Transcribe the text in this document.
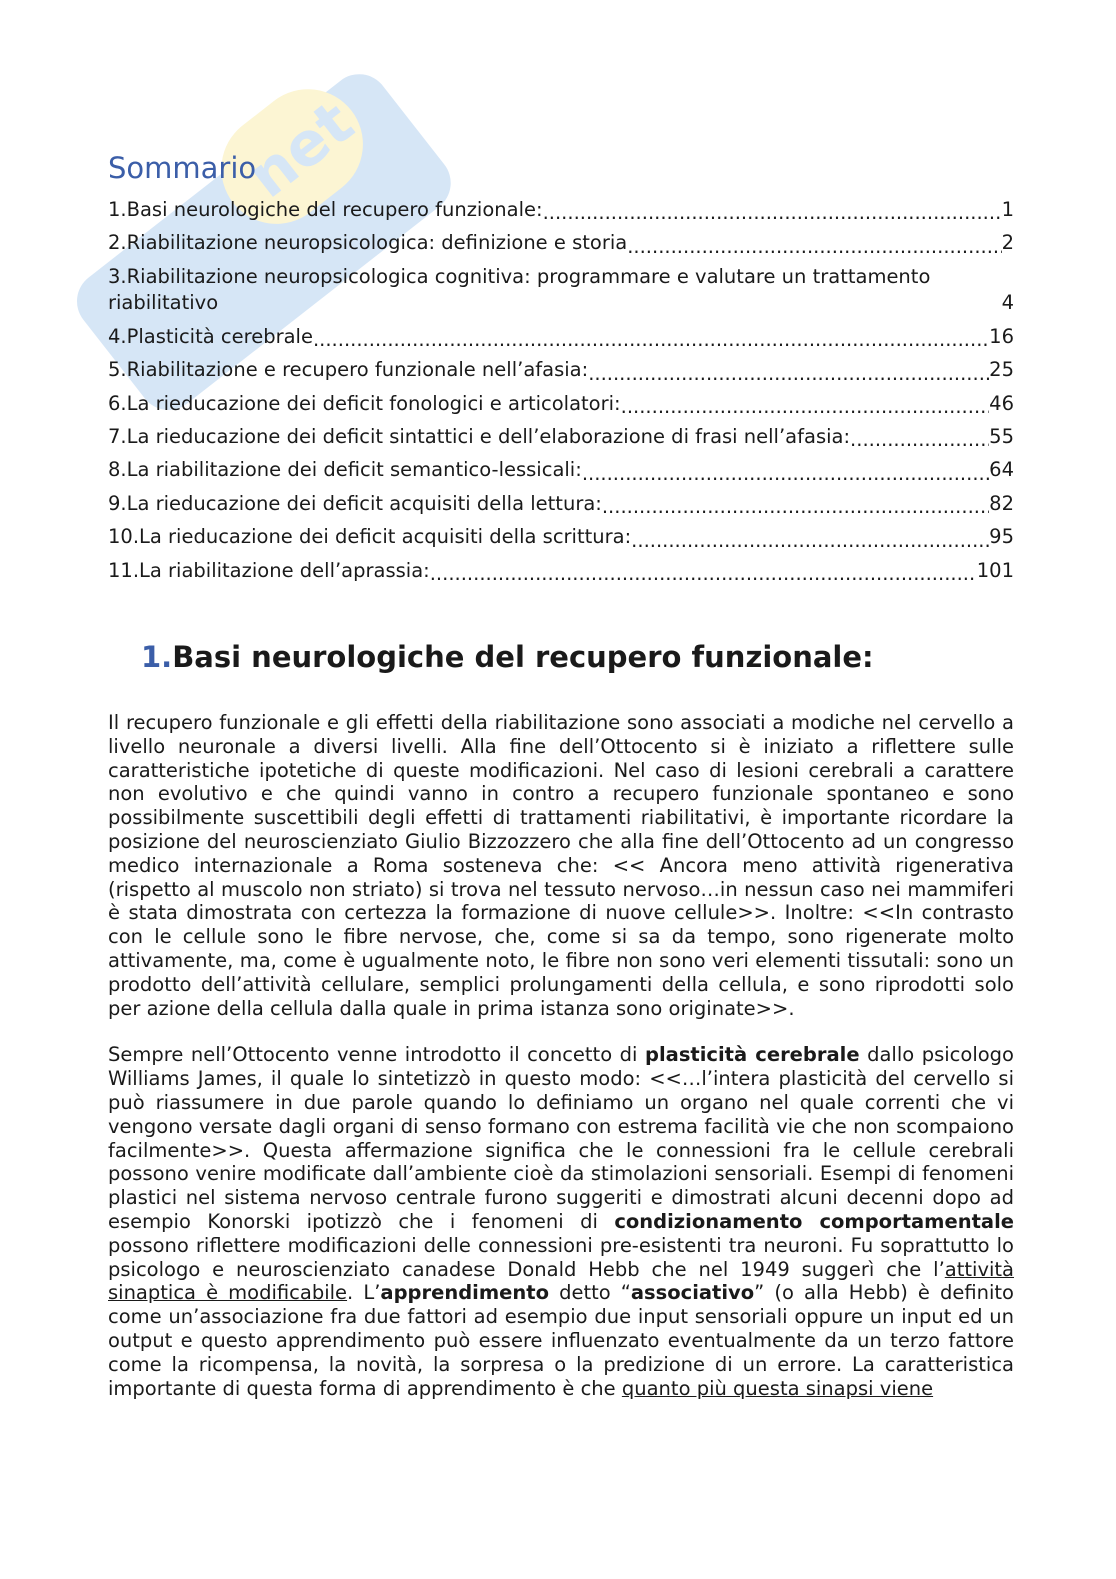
net
Sommario
1.Basi neurologiche del recupero funzionale: .....	1
2.Riabilitazione neuropsicologica: definizione e storia .....	2
3.Riabilitazione neuropsicologica cognitiva: programmare e valutare un trattamento
riabilitativo	4
4.Plasticità cerebrale .....	16
5.Riabilitazione e recupero funzionale nell’afasia: .....	25
6.La rieducazione dei deficit fonologici e articolatori: .....	46
7.La rieducazione dei deficit sintattici e dell’elaborazione di frasi nell’afasia: .....	55
8.La riabilitazione dei deficit semantico-lessicali: .....	64
9.La rieducazione dei deficit acquisiti della lettura: .....	82
10.La rieducazione dei deficit acquisiti della scrittura: .....	95
11.La riabilitazione dell’aprassia: .....	101
1.Basi neurologiche del recupero funzionale:

Il recupero funzionale e gli effetti della riabilitazione sono associati a modiche nel cervello a livello neuronale a diversi livelli. Alla fine dell’Ottocento si è iniziato a riflettere sulle caratteristiche ipotetiche di queste modificazioni. Nel caso di lesioni cerebrali a carattere non evolutivo e che quindi vanno in contro a recupero funzionale spontaneo e sono possibilmente suscettibili degli effetti di trattamenti riabilitativi, è importante ricordare la posizione del neuroscienziato Giulio Bizzozzero che alla fine dell’Ottocento ad un congresso medico internazionale a Roma sosteneva che: << Ancora meno attività rigenerativa (rispetto al muscolo non striato) si trova nel tessuto nervoso…in nessun caso nei mammiferi è stata dimostrata con certezza la formazione di nuove cellule>>. Inoltre: <<In contrasto con le cellule sono le fibre nervose, che, come si sa da tempo, sono rigenerate molto attivamente, ma, come è ugualmente noto, le fibre non sono veri elementi tissutali: sono un prodotto dell’attività cellulare, semplici prolungamenti della cellula, e sono riprodotti solo per azione della cellula dalla quale in prima istanza sono originate>>.

Sempre nell’Ottocento venne introdotto il concetto di plasticità cerebrale dallo psicologo Williams James, il quale lo sintetizzò in questo modo: <<…l’intera plasticità del cervello si può riassumere in due parole quando lo definiamo un organo nel quale correnti che vi vengono versate dagli organi di senso formano con estrema facilità vie che non scompaiono facilmente>>. Questa affermazione significa che le connessioni fra le cellule cerebrali possono venire modificate dall’ambiente cioè da stimolazioni sensoriali. Esempi di fenomeni plastici nel sistema nervoso centrale furono suggeriti e dimostrati alcuni decenni dopo ad esempio Konorski ipotizzò che i fenomeni di condizionamento comportamentale possono riflettere modificazioni delle connessioni pre-esistenti tra neuroni. Fu soprattutto lo psicologo e neuroscienziato canadese Donald Hebb che nel 1949 suggerì che l’attività sinaptica è modificabile. L’apprendimento detto “associativo” (o alla Hebb) è definito come un’associazione fra due fattori ad esempio due input sensoriali oppure un input ed un output e questo apprendimento può essere influenzato eventualmente da un terzo fattore come la ricompensa, la novità, la sorpresa o la predizione di un errore. La caratteristica importante di questa forma di apprendimento è che quanto più questa sinapsi viene
